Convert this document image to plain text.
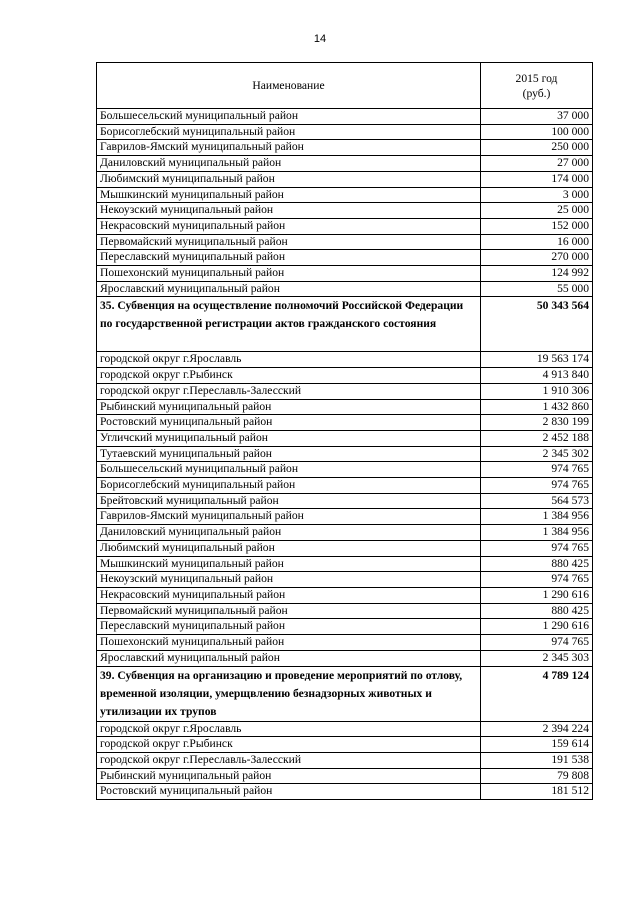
14
Наименование	2015 год
(руб.)
Большесельский муниципальный район	37 000
Борисоглебский муниципальный район	100 000
Гаврилов-Ямский муниципальный район	250 000
Даниловский муниципальный район	27 000
Любимский муниципальный район	174 000
Мышкинский муниципальный район	3 000
Некоузский муниципальный район	25 000
Некрасовский муниципальный район	152 000
Первомайский муниципальный район	16 000
Переславский муниципальный район	270 000
Пошехонский муниципальный район	124 992
Ярославский муниципальный район	55 000
35. Субвенция на осуществление полномочий Российской Федерации по государственной регистрации актов гражданского состояния	50 343 564
городской округ г.Ярославль	19 563 174
городской округ г.Рыбинск	4 913 840
городской округ г.Переславль-Залесский	1 910 306
Рыбинский муниципальный район	1 432 860
Ростовский муниципальный район	2 830 199
Угличский муниципальный район	2 452 188
Тутаевский муниципальный район	2 345 302
Большесельский муниципальный район	974 765
Борисоглебский муниципальный район	974 765
Брейтовский муниципальный район	564 573
Гаврилов-Ямский муниципальный район	1 384 956
Даниловский муниципальный район	1 384 956
Любимский муниципальный район	974 765
Мышкинский муниципальный район	880 425
Некоузский муниципальный район	974 765
Некрасовский муниципальный район	1 290 616
Первомайский муниципальный район	880 425
Переславский муниципальный район	1 290 616
Пошехонский муниципальный район	974 765
Ярославский муниципальный район	2 345 303
39. Субвенция на организацию и проведение мероприятий по отлову, временной изоляции, умерщвлению безнадзорных животных и утилизации их трупов	4 789 124
городской округ г.Ярославль	2 394 224
городской округ г.Рыбинск	159 614
городской округ г.Переславль-Залесский	191 538
Рыбинский муниципальный район	79 808
Ростовский муниципальный район	181 512
